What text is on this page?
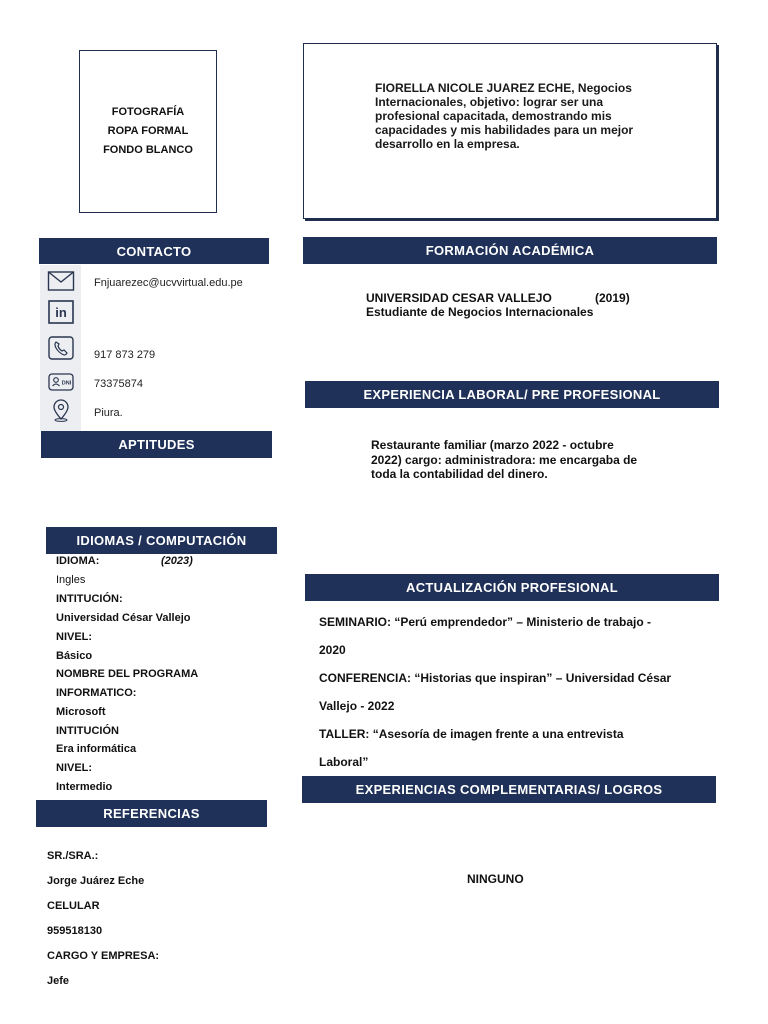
FOTOGRAFÍA
ROPA FORMAL
FONDO BLANCO
FIORELLA NICOLE JUAREZ ECHE, Negocios Internacionales, objetivo: lograr ser una profesional capacitada, demostrando mis capacidades y mis habilidades para un mejor desarrollo en la empresa.
CONTACTO
in
DNI
Fnjuarezec@ucvvirtual.edu.pe
917 873 279
73375874
Piura.
APTITUDES
IDIOMAS / COMPUTACIÓN
IDIOMA:	(2023)
Ingles
INTITUCIÓN:
Universidad César Vallejo
NIVEL:
Básico
NOMBRE DEL PROGRAMA
INFORMATICO:
Microsoft
INTITUCIÓN
Era informática
NIVEL:
Intermedio
REFERENCIAS
SR./SRA.:
Jorge Juárez Eche
CELULAR
959518130
CARGO Y EMPRESA:
Jefe
FORMACIÓN ACADÉMICA
UNIVERSIDAD CESAR VALLEJO	(2019)
Estudiante de Negocios Internacionales
EXPERIENCIA LABORAL/ PRE PROFESIONAL
Restaurante familiar (marzo 2022 - octubre 2022) cargo: administradora: me encargaba de toda la contabilidad del dinero.
ACTUALIZACIÓN PROFESIONAL
SEMINARIO: “Perú emprendedor” – Ministerio de trabajo -
2020
CONFERENCIA: “Historias que inspiran” – Universidad César
Vallejo - 2022
TALLER: “Asesoría de imagen frente a una entrevista
Laboral”
EXPERIENCIAS COMPLEMENTARIAS/ LOGROS
NINGUNO
